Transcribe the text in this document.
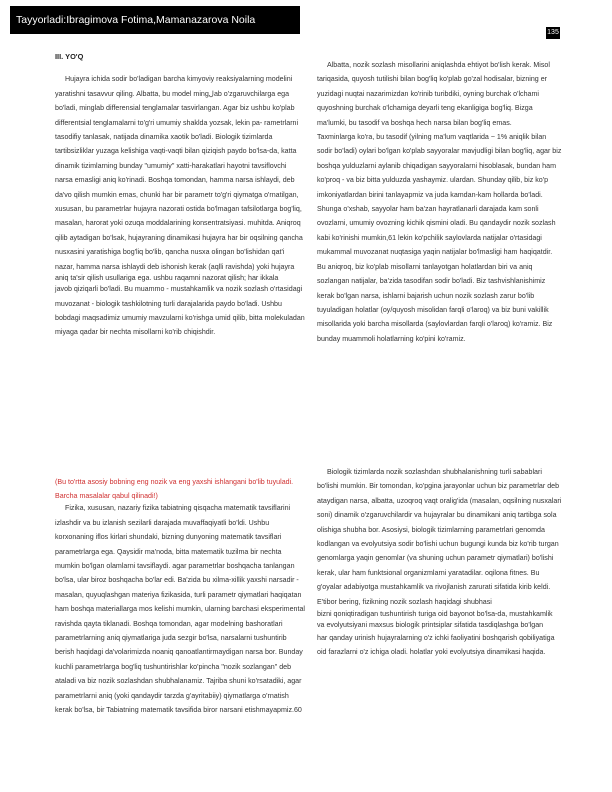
Tayyorladi:Ibragimova Fotima,Mamanazarova Noila
135

III. YO'Q

Hujayra ichida sodir bo'ladigan barcha kimyoviy reaksiyalarning modelini yaratishni tasavvur qiling. Albatta, bu model mingلab o'zgaruvchilarga ega bo'ladi, minglab differensial tenglamalar tasvirlangan. Agar biz ushbu ko'plab differentsial tenglamalarni to'g'ri umumiy shaklda yozsak, lekin pa- rametrlarni tasodifiy tanlasak, natijada dinamika xaotik bo'ladi. Biologik tizimlarda tartibsizliklar yuzaga kelishiga vaqti-vaqti bilan qiziqish paydo bo'lsa-da, katta dinamik tizimlarning bunday "umumiy" xatti-harakatlari hayotni tavsiflovchi narsa emasligi aniq ko'rinadi. Boshqa tomondan, hamma narsa ishlaydi, deb da'vo qilish mumkin emas, chunki har bir parametr to'g'ri qiymatga o'rnatilgan, xususan, bu parametrlar hujayra nazorati ostida bo'lmagan tafsilotlarga bog'liq, masalan, harorat yoki ozuqa moddalarining konsentratsiyasi. muhitda. Aniqroq qilib aytadigan bo'lsak, hujayraning dinamikasi hujayra har bir oqsilning qancha nusxasini yaratishiga bog'liq bo'lib, qancha nusxa olingan bo'lishidan qat'i nazar, hamma narsa ishlaydi deb ishonish kerak (aqlli ravishda) yoki hujayra

aniq ta'sir qilish usullariga ega. ushbu raqamni nazorat qilish; har ikkala

javob qiziqarli bo'ladi. Bu muammo - mustahkamlik va nozik sozlash o'rtasidagi muvozanat - biologik tashkilotning turli darajalarida paydo bo'ladi. Ushbu bobdagi maqsadimiz umumiy mavzularni ko'rishga umid qilib, bitta molekuladan miyaga qadar bir nechta misollarni ko'rib chiqishdir.

Albatta, nozik sozlash misollarini aniqlashda ehtiyot bo'lish kerak. Misol tariqasida, quyosh tutilishi bilan bog'liq ko'plab go'zal hodisalar, bizning er yuzidagi nuqtai nazarimizdan ko'rinib turibdiki, oyning burchak o'lchami quyoshning burchak o'lchamiga deyarli teng ekanligiga bog'liq. Bizga ma'lumki, bu tasodif va boshqa hech narsa bilan bog'liq emas.

Taxminlarga ko'ra, bu tasodif (yilning ma'lum vaqtlarida ~ 1% aniqlik bilan sodir bo'ladi) oylari bo'lgan ko'plab sayyoralar mavjudligi bilan bog'liq, agar biz boshqa yulduzlarni aylanib chiqadigan sayyoralarni hisoblasak, bundan ham ko'proq - va biz bitta yulduzda yashaymiz. ulardan. Shunday qilib, biz ko'p imkoniyatlardan birini tanlayapmiz va juda kamdan-kam hollarda bo'ladi. Shunga o'xshab, sayyolar ham ba'zan hayratlanarli darajada kam sonli ovozlarni, umumiy ovozning kichik qismini oladi. Bu qandaydir nozik sozlash kabi ko'rinishi mumkin,61 lekin ko'pchilik saylovlarda natijalar o'rtasidagi mukammal muvozanat nuqtasiga yaqin natijalar bo'lmasligi ham haqiqatdir. Bu aniqroq, biz ko'plab misollarni tanlayotgan holatlardan biri va aniq sozlangan natijalar, ba'zida tasodifan sodir bo'ladi. Biz tashvishlanishimiz kerak bo'lgan narsa, ishlarni bajarish uchun nozik sozlash zarur bo'lib tuyuladigan holatlar (oy/quyosh misolidan farqli o'laroq) va biz buni vakillik misollarida yoki barcha misollarda (saylovlardan farqli o'laroq) ko'ramiz. Biz bunday muammoli holatlarning ko'pini ko'ramiz.

(Bu to'rtta asosiy bobning eng nozik va eng yaxshi ishlangani bo'lib tuyuladi. Barcha masalalar qabul qilinadi!)

Fizika, xususan, nazariy fizika tabiatning qisqacha matematik tavsiflarini

izlashdir va bu izlanish sezilarli darajada muvaffaqiyatli bo'ldi. Ushbu korxonaning iflos kirlari shundaki, bizning dunyoning matematik tavsiflari

parametrlarga ega. Qaysidir ma'noda, bitta matematik tuzilma bir nechta mumkin bo'lgan olamlarni tavsiflaydi. agar parametrlar boshqacha tanlangan bo'lsa, ular biroz boshqacha bo'lar edi. Ba'zida bu xilma-xillik yaxshi narsadir - masalan, quyuqlashgan materiya fizikasida, turli parametr qiymatlari haqiqatan ham boshqa materiallarga mos kelishi mumkin, ularning barchasi eksperimental ravishda qayta tiklanadi. Boshqa tomondan, agar modelning bashoratlari parametrlarning aniq qiymatlariga juda sezgir bo'lsa, narsalarni tushuntirib berish haqidagi da'volarimizda noaniq qanoatlantirmaydigan narsa bor. Bunday kuchli parametrlarga bog'liq tushuntirishlar ko'pincha "nozik sozlangan" deb ataladi va biz nozik sozlashdan shubhalanamiz. Tajriba shuni ko'rsatadiki, agar parametrlarni aniq (yoki qandaydir tarzda g'ayritabiiy) qiymatlarga o'rnatish kerak bo'lsa, bir Tabiatning matematik tavsifida biror narsani etishmayapmiz.60

Biologik tizimlarda nozik sozlashdan shubhalanishning turli sabablari bo'lishi mumkin. Bir tomondan, ko'pgina jarayonlar uchun biz parametrlar deb ataydigan narsa, albatta, uzoqroq vaqt oralig'ida (masalan, oqsilning nusxalari soni) dinamik o'zgaruvchilardir va hujayralar bu dinamikani aniq tartibga sola olishiga shubha bor. Asosiysi, biologik tizimlarning parametrlari genomda kodlangan va evolyutsiya sodir bo'lishi uchun bugungi kunda biz ko'rib turgan genomlarga yaqin genomlar (va shuning uchun parametr qiymatlari) bo'lishi kerak, ular ham funktsional organizmlarni yaratadilar. oqilona fitnes. Bu g'oyalar adabiyotga mustahkamlik va rivojlanish zarurati sifatida kirib keldi. E'tibor bering, fizikning nozik sozlash haqidagi shubhasi

bizni qoniqtiradigan tushuntirish turiga oid bayonot bo'lsa-da, mustahkamlik va evolyutsiyani maxsus biologik printsiplar sifatida tasdiqlashga bo'lgan

har qanday urinish hujayralarning o'z ichki faoliyatini boshqarish qobiliyatiga oid farazlarni o'z ichiga oladi. holatlar yoki evolyutsiya dinamikasi haqida.
